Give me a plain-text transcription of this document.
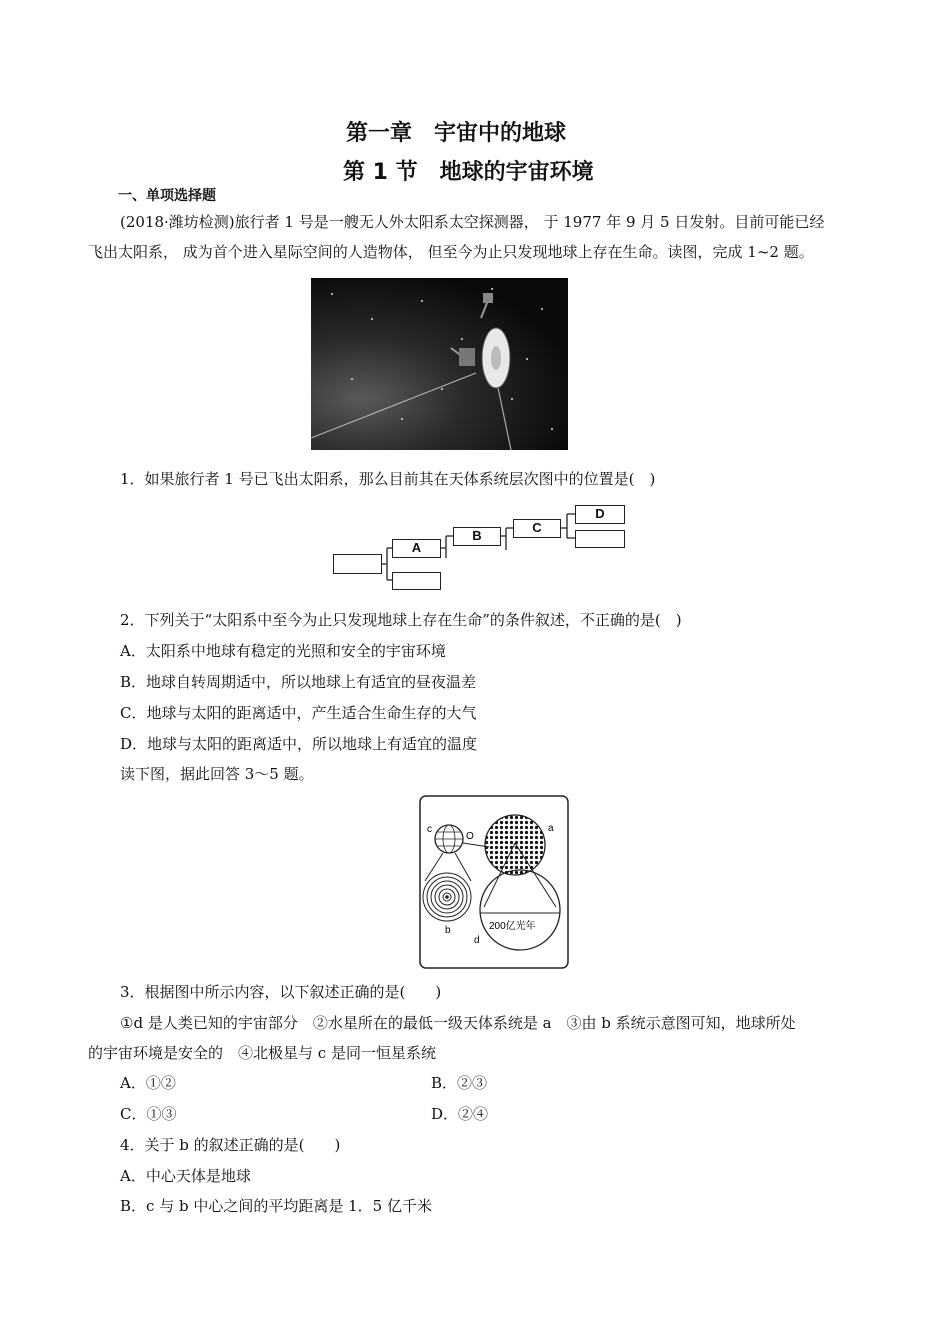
第一章　宇宙中的地球
第 1 节　地球的宇宙环境
一、单项选择题
(2018·潍坊检测)旅行者 1 号是一艘无人外太阳系太空探测器， 于 1977 年 9 月 5 日发射。目前可能已经
飞出太阳系， 成为首个进入星际空间的人造物体， 但至今为止只发现地球上存在生命。读图，完成 1~2 题。
1．如果旅行者 1 号已飞出太阳系，那么目前其在天体系统层次图中的位置是(　)
A
B
C
D
2．下列关于“太阳系中至今为止只发现地球上存在生命”的条件叙述，不正确的是(　)
A．太阳系中地球有稳定的光照和安全的宇宙环境
B．地球自转周期适中，所以地球上有适宜的昼夜温差
C．地球与太阳的距离适中，产生适合生命生存的大气
D．地球与太阳的距离适中，所以地球上有适宜的温度
读下图，据此回答 3～5 题。
c
O
a
b
d
200亿光年
3．根据图中所示内容，以下叙述正确的是(　　)
①d 是人类已知的宇宙部分　②水星所在的最低一级天体系统是 a　③由 b 系统示意图可知，地球所处
的宇宙环境是安全的　④北极星与 c 是同一恒星系统
A．①②	B．②③
C．①③	D．②④
4．关于 b 的叙述正确的是(　　)
A．中心天体是地球
B．c 与 b 中心之间的平均距离是 1．5 亿千米
